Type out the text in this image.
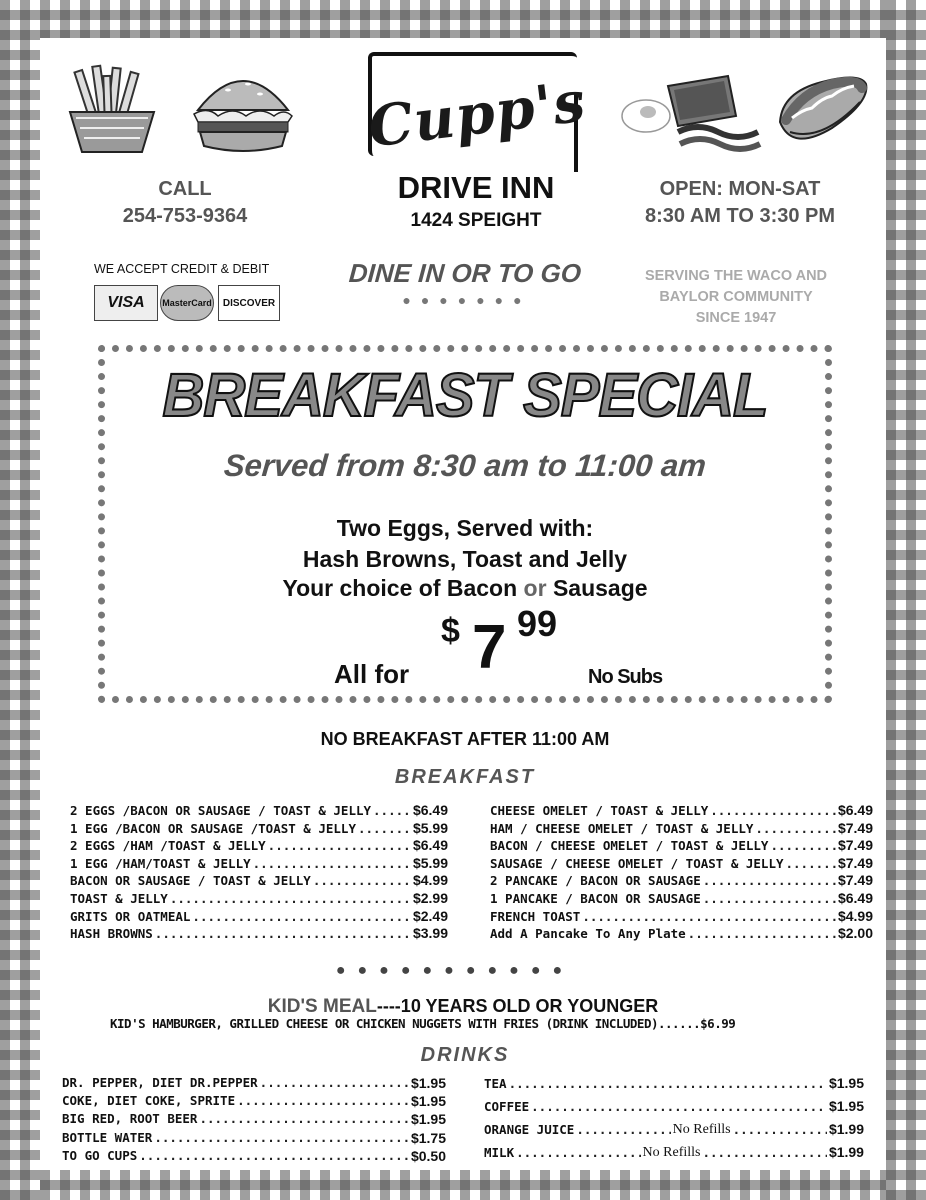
Cupp's
DRIVE INN
1424 SPEIGHT
CALL
254-753-9364
OPEN: MON-SAT
8:30 AM TO 3:30 PM
WE ACCEPT CREDIT & DEBIT
VISA	MasterCard	DISCOVER
DINE IN OR TO GO
●●●●●●●
SERVING THE WACO AND
BAYLOR COMMUNITY
SINCE 1947
BREAKFAST SPECIAL
Served from 8:30 am to 11:00 am
Two Eggs, Served with:
Hash Browns, Toast and Jelly
Your choice of Bacon or Sausage
$ 7 99
All for	No Subs
NO BREAKFAST AFTER 11:00 AM
BREAKFAST
2 EGGS /BACON OR SAUSAGE / TOAST & JELLY .....	$6.49
1 EGG /BACON OR SAUSAGE /TOAST & JELLY .....	$5.99
2 EGGS /HAM /TOAST & JELLY .....	$6.49
1 EGG /HAM/TOAST & JELLY .....	$5.99
BACON OR SAUSAGE / TOAST & JELLY .....	$4.99
TOAST & JELLY .....	$2.99
GRITS OR OATMEAL .....	$2.49
HASH BROWNS .....	$3.99
CHEESE OMELET / TOAST & JELLY .....	$6.49
HAM / CHEESE OMELET / TOAST & JELLY .....	$7.49
BACON / CHEESE OMELET / TOAST & JELLY .....	$7.49
SAUSAGE / CHEESE OMELET / TOAST & JELLY .....	$7.49
2 PANCAKE / BACON OR SAUSAGE .....	$7.49
1 PANCAKE / BACON OR SAUSAGE .....	$6.49
FRENCH TOAST .....	$4.99
Add A Pancake To Any Plate .....	$2.00
●●●●●●●●●●●
KID'S MEAL----10 YEARS OLD OR YOUNGER
KID'S HAMBURGER, GRILLED CHEESE OR CHICKEN NUGGETS WITH FRIES (DRINK INCLUDED)......$6.99
DRINKS
DR. PEPPER, DIET DR.PEPPER .....	$1.95
COKE, DIET COKE, SPRITE .....	$1.95
BIG RED, ROOT BEER .....	$1.95
BOTTLE WATER .....	$1.75
TO GO CUPS .....	$0.50
TEA .....	$1.95
COFFEE .....	$1.95
ORANGE JUICE .....	No Refills .....	$1.99
MILK .....	No Refills .....	$1.99
